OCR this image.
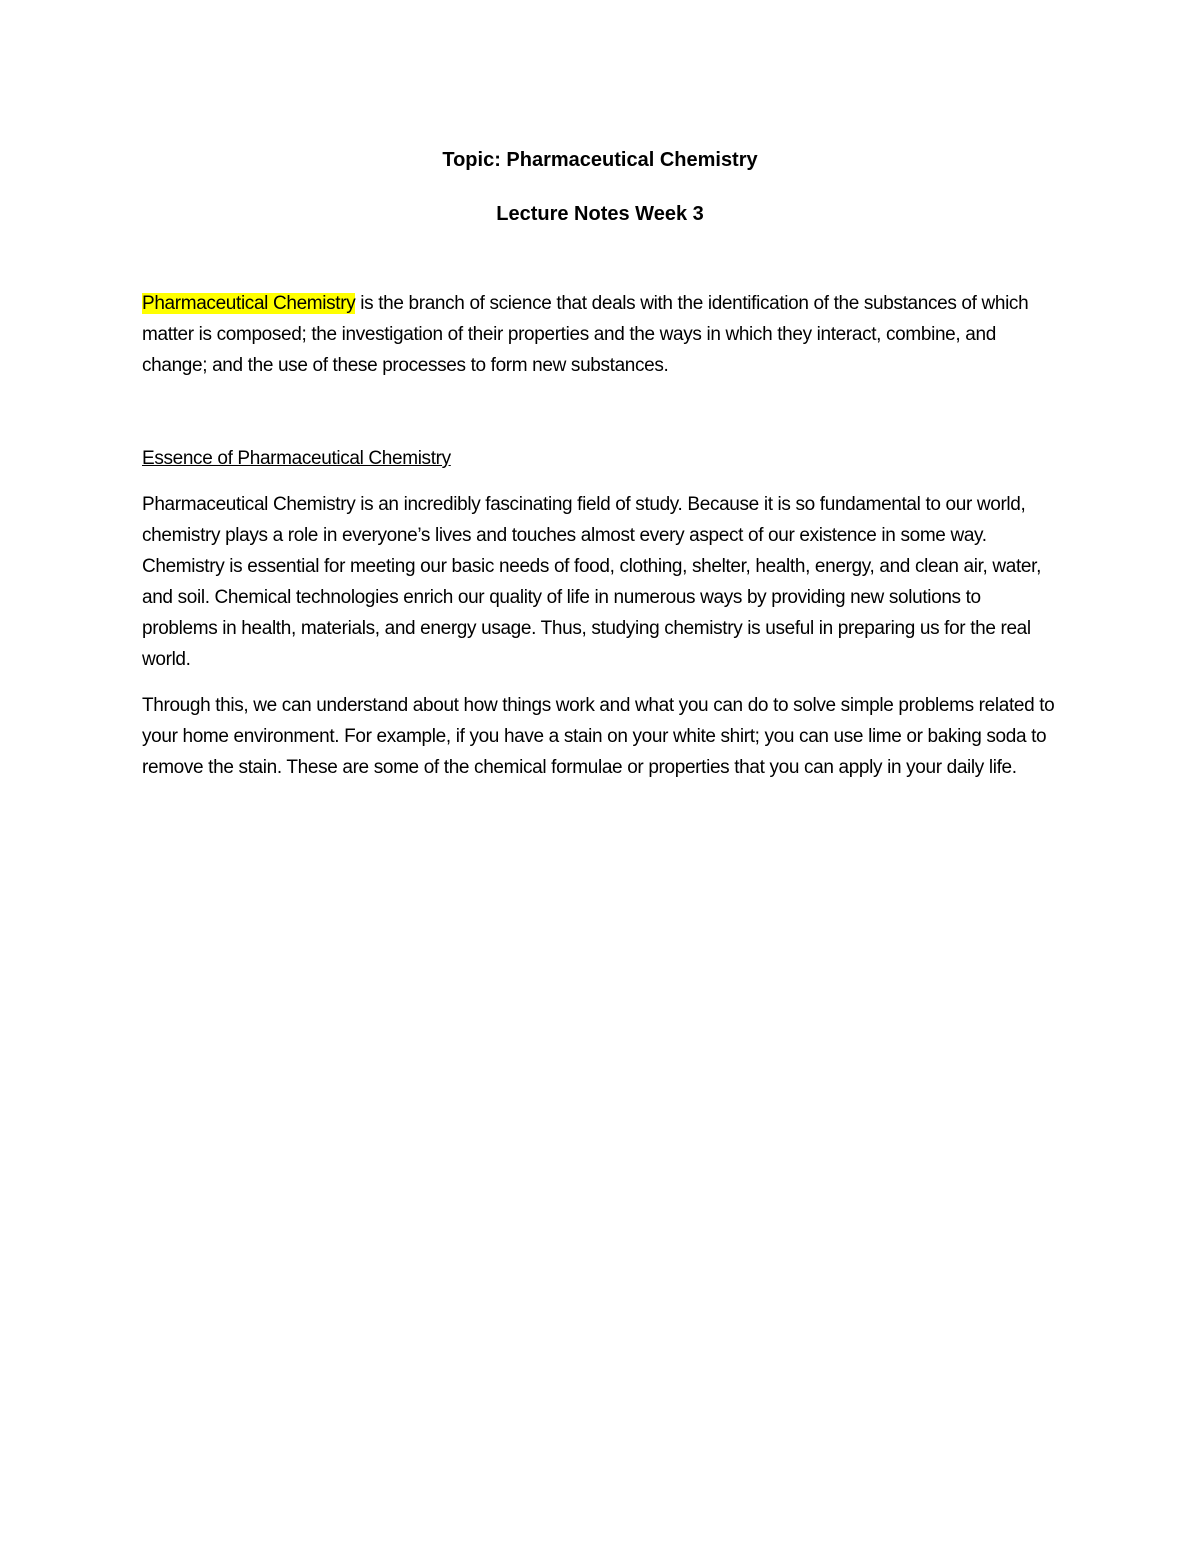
Topic: Pharmaceutical Chemistry
Lecture Notes Week 3

Pharmaceutical Chemistry is the branch of science that deals with the identification of the substances of which matter is composed; the investigation of their properties and the ways in which they interact, combine, and change; and the use of these processes to form new substances.

Essence of Pharmaceutical Chemistry

Pharmaceutical Chemistry is an incredibly fascinating field of study. Because it is so fundamental to our world, chemistry plays a role in everyone’s lives and touches almost every aspect of our existence in some way. Chemistry is essential for meeting our basic needs of food, clothing, shelter, health, energy, and clean air, water, and soil. Chemical technologies enrich our quality of life in numerous ways by providing new solutions to problems in health, materials, and energy usage. Thus, studying chemistry is useful in preparing us for the real world.

Through this, we can understand about how things work and what you can do to solve simple problems related to your home environment. For example, if you have a stain on your white shirt; you can use lime or baking soda to remove the stain. These are some of the chemical formulae or properties that you can apply in your daily life.
